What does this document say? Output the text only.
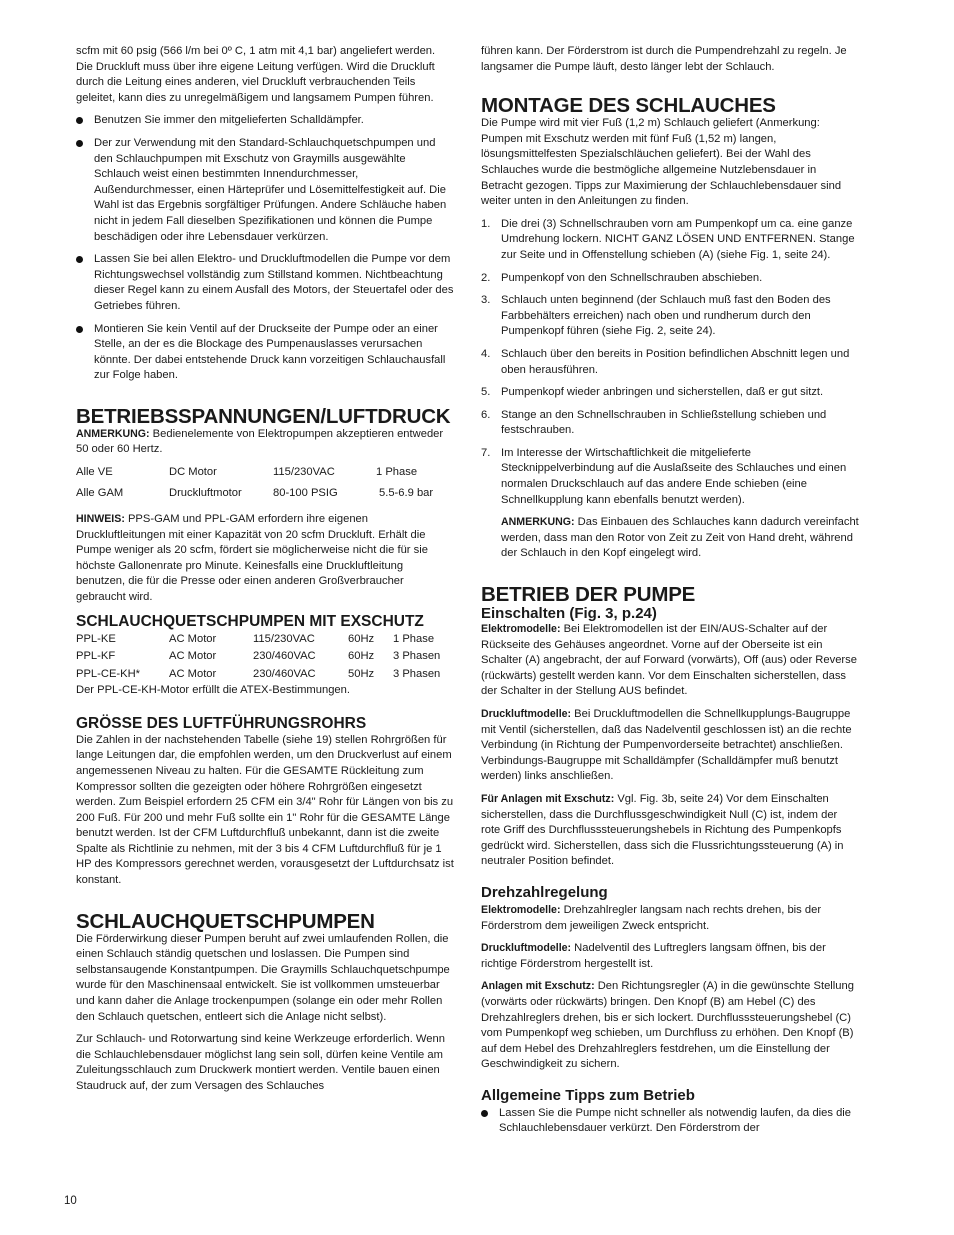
scfm mit 60 psig (566 l/m bei 0º C, 1 atm mit 4,1 bar) angeliefert werden. Die Druckluft muss über ihre eigene Leitung verfügen. Wird die Druckluft durch die Leitung eines anderen, viel Druckluft verbrauchenden Teils geleitet, kann dies zu unregelmäßigem und langsamem Pumpen führen.

Benutzen Sie immer den mitgelieferten Schalldämpfer.
Der zur Verwendung mit den Standard-Schlauchquetschpumpen und den Schlauchpumpen mit Exschutz von Graymills ausgewählte Schlauch weist einen bestimmten Innendurchmesser, Außendurchmesser, einen Härteprüfer und Lösemittelfestigkeit auf. Die Wahl ist das Ergebnis sorgfältiger Prüfungen. Andere Schläuche haben nicht in jedem Fall dieselben Spezifikationen und können die Pumpe beschädigen oder ihre Lebensdauer verkürzen.
Lassen Sie bei allen Elektro- und Druckluftmodellen die Pumpe vor dem Richtungswechsel vollständig zum Stillstand kommen. Nichtbeachtung dieser Regel kann zu einem Ausfall des Motors, der Steuertafel oder des Getriebes führen.
Montieren Sie kein Ventil auf der Druckseite der Pumpe oder an einer Stelle, an der es die Blockage des Pumpenauslasses verursachen könnte. Der dabei entstehende Druck kann vorzeitigen Schlauchausfall zur Folge haben.
BETRIEBSSPANNUNGEN/LUFTDRUCK

ANMERKUNG: Bedienelemente von Elektropumpen akzeptieren entweder 50 oder 60 Hertz.

Alle VE	DC Motor	115/230VAC	1 Phase
Alle GAM	Druckluftmotor	80-100 PSIG	5.5-6.9 bar

HINWEIS: PPS-GAM und PPL-GAM erfordern ihre eigenen Druckluftleitungen mit einer Kapazität von 20 scfm Druckluft. Erhält die Pumpe weniger als 20 scfm, fördert sie möglicherweise nicht die für sie höchste Gallonenrate pro Minute. Keinesfalls eine Druckluftleitung benutzen, die für die Presse oder einen anderen Großverbraucher gebraucht wird.

SCHLAUCHQUETSCHPUMPEN MIT EXSCHUTZ
PPL-KE	AC Motor	115/230VAC	60Hz 1 Phase
PPL-KF	AC Motor	230/460VAC	60Hz 3 Phasen
PPL-CE-KH*	AC Motor	230/460VAC	50Hz 3 Phasen

Der PPL-CE-KH-Motor erfüllt die ATEX-Bestimmungen.

GRÖSSE DES LUFTFÜHRUNGSROHRS

Die Zahlen in der nachstehenden Tabelle (siehe 19) stellen Rohrgrößen für lange Leitungen dar, die empfohlen werden, um den Druckverlust auf einem angemessenen Niveau zu halten. Für die GESAMTE Rückleitung zum Kompressor sollten die gezeigten oder höhere Rohrgrößen eingesetzt werden. Zum Beispiel erfordern 25 CFM ein 3/4" Rohr für Längen von bis zu 200 Fuß. Für 200 und mehr Fuß sollte ein 1" Rohr für die GESAMTE Länge benutzt werden. Ist der CFM Luftdurchfluß unbekannt, dann ist die zweite Spalte als Richtlinie zu nehmen, mit der 3 bis 4 CFM Luftdurchfluß für je 1 HP des Kompressors gerechnet werden, vorausgesetzt der Luftdurchsatz ist konstant.

SCHLAUCHQUETSCHPUMPEN

Die Förderwirkung dieser Pumpen beruht auf zwei umlaufenden Rollen, die einen Schlauch ständig quetschen und loslassen. Die Pumpen sind selbstansaugende Konstantpumpen. Die Graymills Schlauchquetschpumpe wurde für den Maschinensaal entwickelt. Sie ist vollkommen umsteuerbar und kann daher die Anlage trockenpumpen (solange ein oder mehr Rollen den Schlauch quetschen, entleert sich die Anlage nicht selbst).

Zur Schlauch- und Rotorwartung sind keine Werkzeuge erforderlich. Wenn die Schlauchlebensdauer möglichst lang sein soll, dürfen keine Ventile am Zuleitungsschlauch zum Druckwerk montiert werden. Ventile bauen einen Staudruck auf, der zum Versagen des Schlauches

führen kann. Der Förderstrom ist durch die Pumpendrehzahl zu regeln. Je langsamer die Pumpe läuft, desto länger lebt der Schlauch.

MONTAGE DES SCHLAUCHES

Die Pumpe wird mit vier Fuß (1,2 m) Schlauch geliefert (Anmerkung: Pumpen mit Exschutz werden mit fünf Fuß (1,52 m) langen, lösungsmittelfesten Spezialschläuchen geliefert). Bei der Wahl des Schlauches wurde die bestmögliche allgemeine Nutzlebensdauer in Betracht gezogen. Tipps zur Maximierung der Schlauchlebensdauer sind weiter unten in den Anleitungen zu finden.

1. Die drei (3) Schnellschrauben vorn am Pumpenkopf um ca. eine ganze Umdrehung lockern. NICHT GANZ LÖSEN UND ENTFERNEN. Stange zur Seite und in Offenstellung schieben (A) (siehe Fig. 1, seite 24).
2. Pumpenkopf von den Schnellschrauben abschieben.
3. Schlauch unten beginnend (der Schlauch muß fast den Boden des Farbbehälters erreichen) nach oben und rundherum durch den Pumpenkopf führen (siehe Fig. 2, seite 24).
4. Schlauch über den bereits in Position befindlichen Abschnitt legen und oben herausführen.
5. Pumpenkopf wieder anbringen und sicherstellen, daß er gut sitzt.
6. Stange an den Schnellschrauben in Schließstellung schieben und festschrauben.
7. Im Interesse der Wirtschaftlichkeit die mitgelieferte Stecknippelverbindung auf die Auslaßseite des Schlauches und einen normalen Druckschlauch auf das andere Ende schieben (eine Schnellkupplung kann ebenfalls benutzt werden).

ANMERKUNG: Das Einbauen des Schlauches kann dadurch vereinfacht werden, dass man den Rotor von Zeit zu Zeit von Hand dreht, während der Schlauch in den Kopf eingelegt wird.

BETRIEB DER PUMPE
Einschalten (Fig. 3, p.24)

Elektromodelle: Bei Elektromodellen ist der EIN/AUS-Schalter auf der Rückseite des Gehäuses angeordnet. Vorne auf der Oberseite ist ein Schalter (A) angebracht, der auf Forward (vorwärts), Off (aus) oder Reverse (rückwärts) gestellt werden kann. Vor dem Einschalten sicherstellen, dass der Schalter in der Stellung AUS befindet.

Druckluftmodelle: Bei Druckluftmodellen die Schnellkupplungs-Baugruppe mit Ventil (sicherstellen, daß das Nadelventil geschlossen ist) an die rechte Verbindung (in Richtung der Pumpenvorderseite betrachtet) anschließen. Verbindungs-Baugruppe mit Schalldämpfer (Schalldämpfer muß benutzt werden) links anschließen.

Für Anlagen mit Exschutz: Vgl. Fig. 3b, seite 24) Vor dem Einschalten sicherstellen, dass die Durchflussgeschwindigkeit Null (C) ist, indem der rote Griff des Durchflusssteuerungshebels in Richtung des Pumpenkopfs gedrückt wird. Sicherstellen, dass sich die Flussrichtungssteuerung (A) in neutraler Position befindet.

Drehzahlregelung

Elektromodelle: Drehzahlregler langsam nach rechts drehen, bis der Förderstrom dem jeweiligen Zweck entspricht.

Druckluftmodelle: Nadelventil des Luftreglers langsam öffnen, bis der richtige Förderstrom hergestellt ist.

Anlagen mit Exschutz: Den Richtungsregler (A) in die gewünschte Stellung (vorwärts oder rückwärts) bringen. Den Knopf (B) am Hebel (C) des Drehzahlreglers drehen, bis er sich lockert. Durchflusssteuerungshebel (C) vom Pumpenkopf weg schieben, um Durchfluss zu erhöhen. Den Knopf (B) auf dem Hebel des Drehzahlreglers festdrehen, um die Einstellung der Geschwindigkeit zu sichern.

Allgemeine Tipps zum Betrieb
Lassen Sie die Pumpe nicht schneller als notwendig laufen, da dies die Schlauchlebensdauer verkürzt. Den Förderstrom der
10
